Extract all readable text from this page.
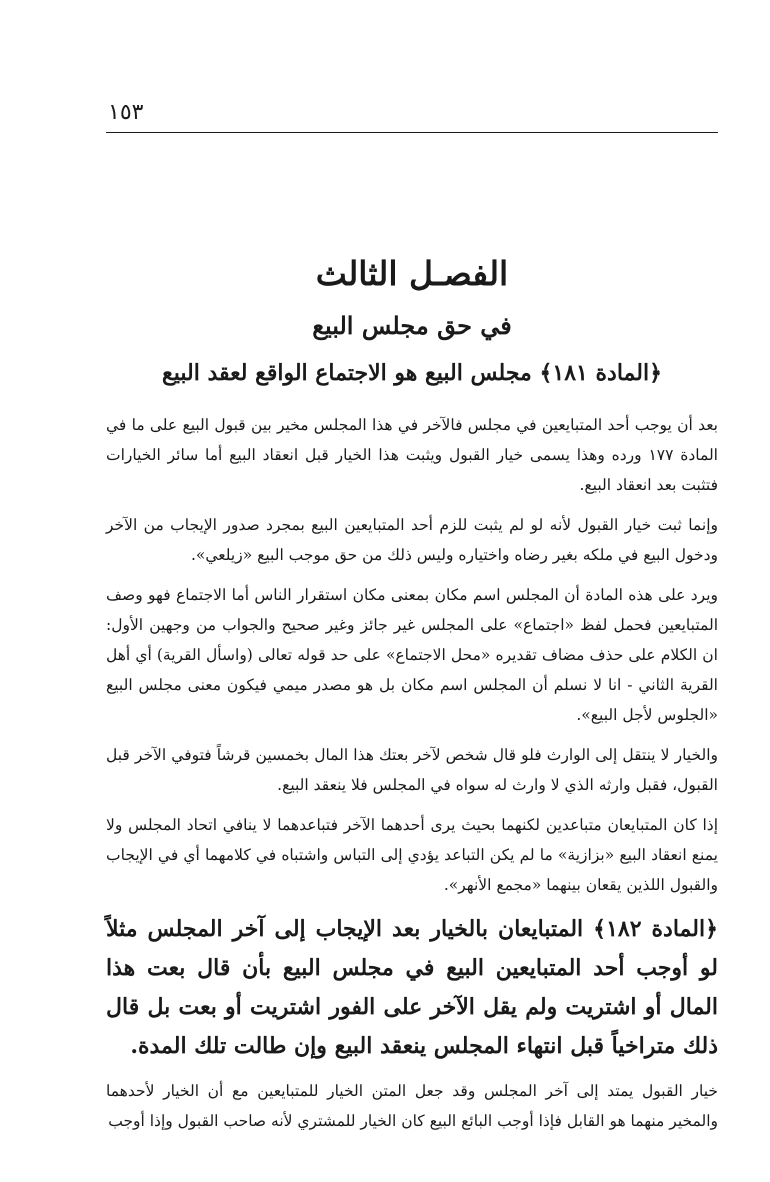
١٥٣
الفصـل الثالث
في حق مجلس البيع
﴿المادة ١٨١﴾ مجلس البيع هو الاجتماع الواقع لعقد البيع

بعد أن يوجب أحد المتبايعين في مجلس فالآخر في هذا المجلس مخير بين قبول البيع على ما في المادة ١٧٧ ورده وهذا يسمى خيار القبول ويثبت هذا الخيار قبل انعقاد البيع أما سائر الخيارات فتثبت بعد انعقاد البيع.

وإنما ثبت خيار القبول لأنه لو لم يثبت للزم أحد المتبايعين البيع بمجرد صدور الإيجاب من الآخر ودخول البيع في ملكه بغير رضاه واختياره وليس ذلك من حق موجب البيع «زيلعي».

ويرد على هذه المادة أن المجلس اسم مكان بمعنى مكان استقرار الناس أما الاجتماع فهو وصف المتبايعين فحمل لفظ «اجتماع» على المجلس غير جائز وغير صحيح والجواب من وجهين الأول: ان الكلام على حذف مضاف تقديره «محل الاجتماع» على حد قوله تعالى (واسأل القرية) أي أهل القرية الثاني - انا لا نسلم أن المجلس اسم مكان بل هو مصدر ميمي فيكون معنى مجلس البيع «الجلوس لأجل البيع».

والخيار لا ينتقل إلى الوارث فلو قال شخص لآخر بعتك هذا المال بخمسين قرشاً فتوفي الآخر قبل القبول، فقبل وارثه الذي لا وارث له سواه في المجلس فلا ينعقد البيع.

إذا كان المتبايعان متباعدين لكنهما بحيث يرى أحدهما الآخر فتباعدهما لا ينافي اتحاد المجلس ولا يمنع انعقاد البيع «بزازية» ما لم يكن التباعد يؤدي إلى التباس واشتباه في كلامهما أي في الإيجاب والقبول اللذين يقعان بينهما «مجمع الأنهر».

﴿المادة ١٨٢﴾ المتبايعان بالخيار بعد الإيجاب إلى آخر المجلس مثلاً لو أوجب أحد المتبايعين البيع في مجلس البيع بأن قال بعت هذا المال أو اشتريت ولم يقل الآخر على الفور اشتريت أو بعت بل قال ذلك متراخياً قبل انتهاء المجلس ينعقد البيع وإن طالت تلك المدة.

خيار القبول يمتد إلى آخر المجلس وقد جعل المتن الخيار للمتبايعين مع أن الخيار لأحدهما والمخير منهما هو القابل فإذا أوجب البائع البيع كان الخيار للمشتري لأنه صاحب القبول وإذا أوجب
